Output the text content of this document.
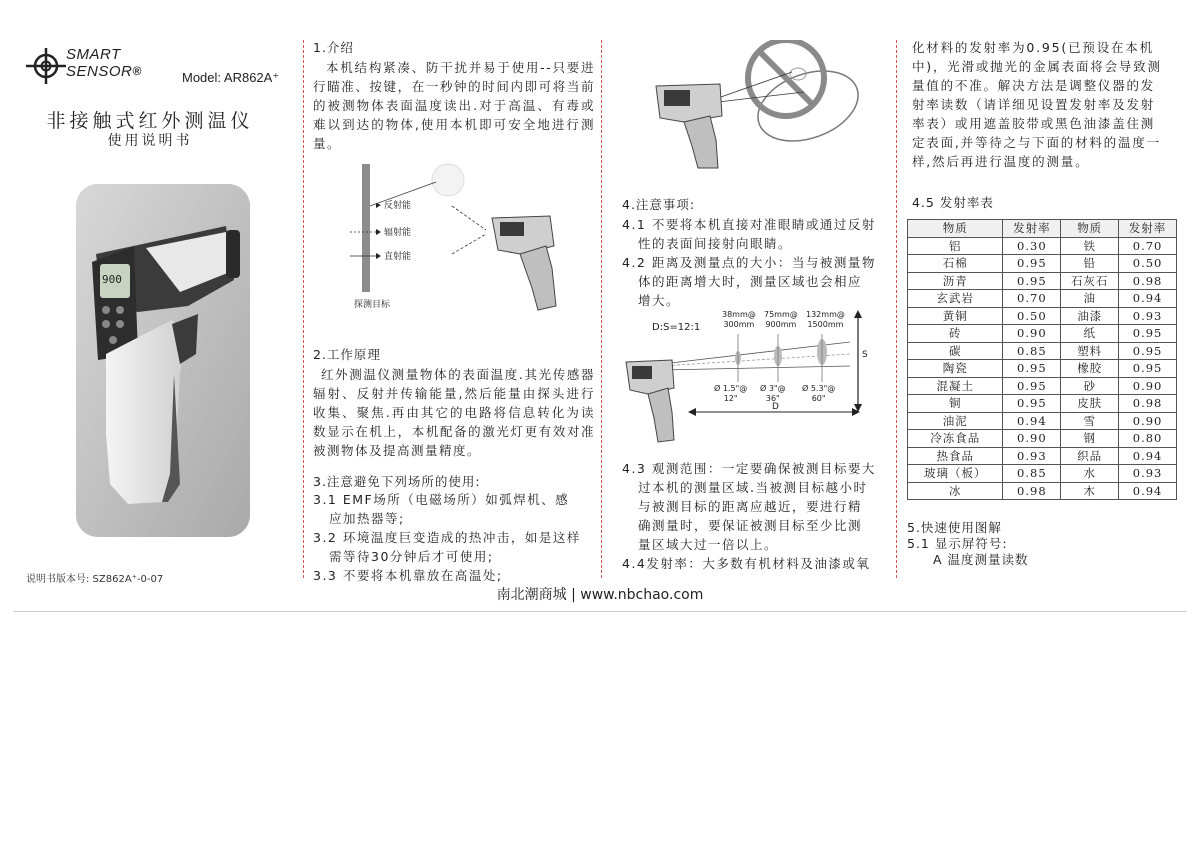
SMART
SENSOR®	Model: AR862A⁺
非接触式红外测温仪
使用说明书
900
说明书版本号: SZ862A⁺-0-07
1.介绍

本机结构紧凑、防干扰并易于使用--只要进行瞄准、按键，在一秒钟的时间内即可将当前的被测物体表面温度读出.对于高温、有毒或难以到达的物体,使用本机即可安全地进行测量。

反射能
辐射能
直射能
探测目标
2.工作原理

红外测温仪测量物体的表面温度.其光传感器辐射、反射并传输能量,然后能量由探头进行收集、聚焦.再由其它的电路将信息转化为读数显示在机上，本机配备的激光灯更有效对准被测物体及提高测量精度。

3.注意避免下列场所的使用:

3.1 EMF场所（电磁场所）如弧焊机、感

应加热器等;

3.2 环境温度巨变造成的热冲击，如是这样

需等待30分钟后才可使用;

3.3 不要将本机靠放在高温处;

4.注意事项:

4.1 不要将本机直接对准眼睛或通过反射

性的表面间接射向眼睛。

4.2 距离及测量点的大小：当与被测量物

体的距离增大时，测量区域也会相应

增大。

D:S=12:1
38mm@
300mm
75mm@
900mm
132mm@
1500mm
Ø 1.5"@
12"
Ø 3"@
36"
Ø 5.3"@
60"
S
D

4.3 观测范围：一定要确保被测目标要大

过本机的测量区域.当被测目标越小时

与被测目标的距离应越近，要进行精

确测量时，要保证被测目标至少比测

量区域大过一倍以上。

4.4发射率：大多数有机材料及油漆或氧

化材料的发射率为0.95(已预设在本机中)，光滑或抛光的金属表面将会导致测量值的不准。解决方法是调整仪器的发射率读数（请详细见设置发射率及发射率表）或用遮盖胶带或黑色油漆盖住测定表面,并等待之与下面的材料的温度一样,然后再进行温度的测量。

4.5 发射率表
物质	发射率	物质	发射率
铝	0.30	铁	0.70
石棉	0.95	铅	0.50
沥青	0.95	石灰石	0.98
玄武岩	0.70	油	0.94
黄铜	0.50	油漆	0.93
砖	0.90	纸	0.95
碳	0.85	塑料	0.95
陶瓷	0.95	橡胶	0.95
混凝土	0.95	砂	0.90
铜	0.95	皮肤	0.98
油泥	0.94	雪	0.90
冷冻食品	0.90	钢	0.80
热食品	0.93	织品	0.94
玻璃（板）	0.85	水	0.93
冰	0.98	木	0.94
5.快速使用图解
5.1 显示屏符号:
A 温度测量读数
南北潮商城 | www.nbchao.com
